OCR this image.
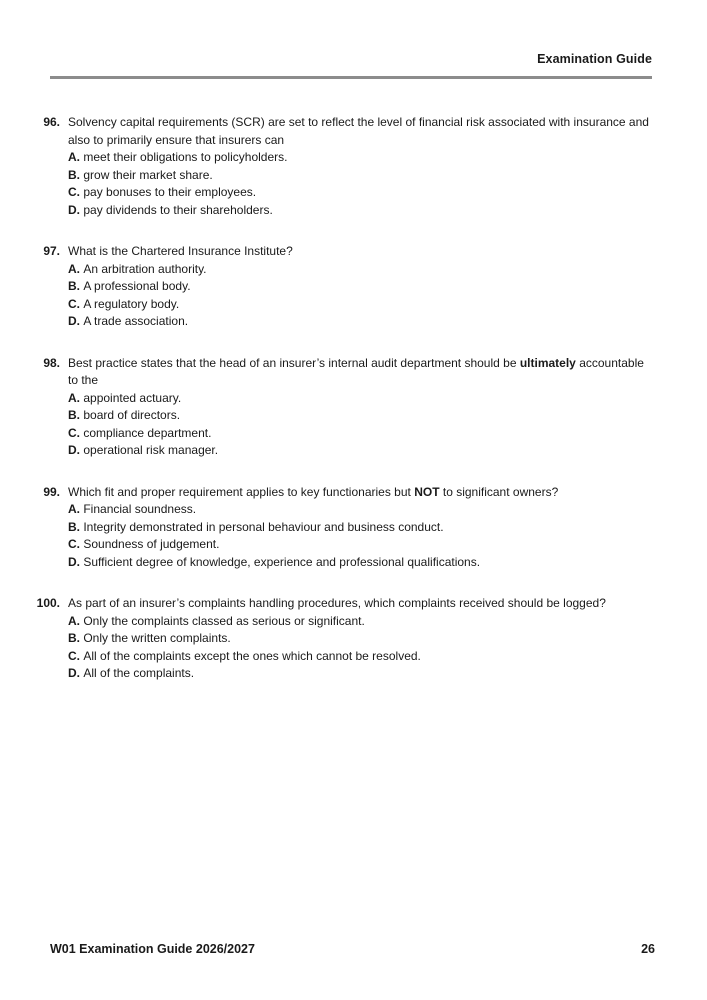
Examination Guide
96. Solvency capital requirements (SCR) are set to reflect the level of financial risk associated with insurance and also to primarily ensure that insurers can
A. meet their obligations to policyholders.
B. grow their market share.
C. pay bonuses to their employees.
D. pay dividends to their shareholders.
97. What is the Chartered Insurance Institute?
A. An arbitration authority.
B. A professional body.
C. A regulatory body.
D. A trade association.
98. Best practice states that the head of an insurer’s internal audit department should be ultimately accountable to the
A. appointed actuary.
B. board of directors.
C. compliance department.
D. operational risk manager.
99. Which fit and proper requirement applies to key functionaries but NOT to significant owners?
A. Financial soundness.
B. Integrity demonstrated in personal behaviour and business conduct.
C. Soundness of judgement.
D. Sufficient degree of knowledge, experience and professional qualifications.
100. As part of an insurer’s complaints handling procedures, which complaints received should be logged?
A. Only the complaints classed as serious or significant.
B. Only the written complaints.
C. All of the complaints except the ones which cannot be resolved.
D. All of the complaints.
W01 Examination Guide 2026/2027	26
